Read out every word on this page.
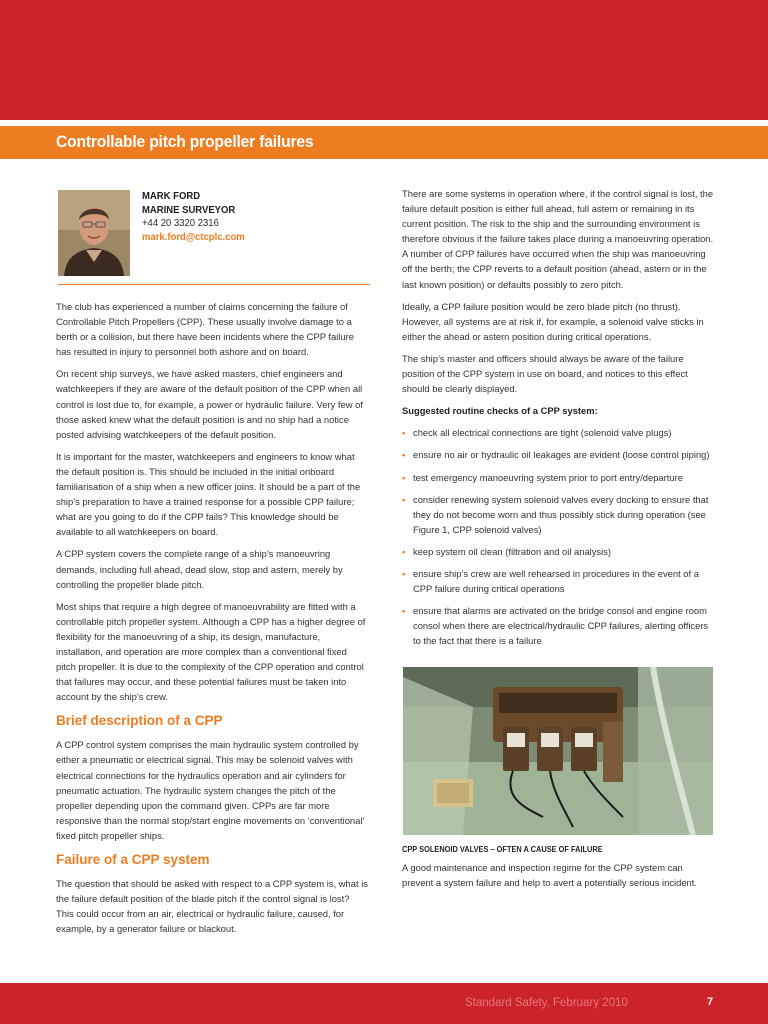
Controllable pitch propeller failures
MARK FORD
MARINE SURVEYOR
+44 20 3320 2316
mark.ford@ctcplc.com

The club has experienced a number of claims concerning the failure of Controllable Pitch Propellers (CPP). These usually involve damage to a berth or a collision, but there have been incidents where the CPP failure has resulted in injury to personnel both ashore and on board.

On recent ship surveys, we have asked masters, chief engineers and watchkeepers if they are aware of the default position of the CPP when all control is lost due to, for example, a power or hydraulic failure. Very few of those asked knew what the default position is and no ship had a notice posted advising watchkeepers of the default position.

It is important for the master, watchkeepers and engineers to know what the default position is. This should be included in the initial onboard familiarisation of a ship when a new officer joins. It should be a part of the ship’s preparation to have a trained response for a possible CPP failure; what are you going to do if the CPP fails? This knowledge should be available to all watchkeepers on board.

A CPP system covers the complete range of a ship’s manoeuvring demands, including full ahead, dead slow, stop and astern, merely by controlling the propeller blade pitch.

Most ships that require a high degree of manoeuvrability are fitted with a controllable pitch propeller system. Although a CPP has a higher degree of flexibility for the manoeuvring of a ship, its design, manufacture, installation, and operation are more complex than a conventional fixed pitch propeller. It is due to the complexity of the CPP operation and control that failures may occur, and these potential failures must be taken into account by the ship’s crew.

Brief description of a CPP

A CPP control system comprises the main hydraulic system controlled by either a pneumatic or electrical signal. This may be solenoid valves with electrical connections for the hydraulics operation and air cylinders for pneumatic actuation. The hydraulic system changes the pitch of the propeller depending upon the command given. CPPs are far more responsive than the normal stop/start engine movements on ‘conventional’ fixed pitch propeller ships.

Failure of a CPP system

The question that should be asked with respect to a CPP system is, what is the failure default position of the blade pitch if the control signal is lost? This could occur from an air, electrical or hydraulic failure, caused, for example, by a generator failure or blackout.

There are some systems in operation where, if the control signal is lost, the failure default position is either full ahead, full astern or remaining in its current position. The risk to the ship and the surrounding environment is therefore obvious if the failure takes place during a manoeuvring operation. A number of CPP failures have occurred when the ship was manoeuvring off the berth; the CPP reverts to a default position (ahead, astern or in the last known position) or defaults possibly to zero pitch.

Ideally, a CPP failure position would be zero blade pitch (no thrust). However, all systems are at risk if, for example, a solenoid valve sticks in either the ahead or astern position during critical operations.

The ship’s master and officers should always be aware of the failure position of the CPP system in use on board, and notices to this effect should be clearly displayed.

Suggested routine checks of a CPP system:

• check all electrical connections are tight (solenoid valve plugs)
• ensure no air or hydraulic oil leakages are evident (loose control piping)
• test emergency manoeuvring system prior to port entry/departure
• consider renewing system solenoid valves every docking to ensure that they do not become worn and thus possibly stick during operation (see Figure 1, CPP solenoid valves)
• keep system oil clean (filtration and oil analysis)
• ensure ship’s crew are well rehearsed in procedures in the event of a CPP failure during critical operations
• ensure that alarms are activated on the bridge consol and engine room consol when there are electrical/hydraulic CPP failures, alerting officers to the fact that there is a failure
CPP SOLENOID VALVES – OFTEN A CAUSE OF FAILURE

A good maintenance and inspection regime for the CPP system can prevent a system failure and help to avert a potentially serious incident.

Standard Safety, February 2010	7
